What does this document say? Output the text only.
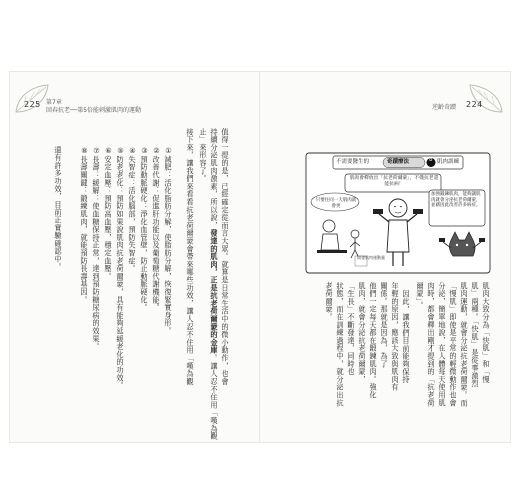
225 第7章
回春抗老──第5倍能刺激肌肉的運動	逆齡奇蹟 224
值得一提的是，已經確定從而言大眾。就算是日常生活中的微小動作，也會
持續分泌肌肉激素，所以說，發達的肌肉，正是抗老荷爾蒙的金庫。讓人忍不住用「嘆為觀
止」來形容了。
接下來，讓我們來看看抗老荷爾蒙會帶來哪些功效，讓人忍不住用「嘆為觀
①減肥：活化脂肪分解，使脂肪分解，恢復緊實身形。
②改善代謝：促進肝功能以及葡萄糖代謝機能。
③預防動脈硬化：淨化血管壁，防止動脈硬化。
④失智症：活化腦部，預防失智症。
⑤防老老化：預防如果說肌肉抗老荷爾蒙，具有能夠延緩老化的功效。
⑥安定血壓：預防高血壓，穩定血壓。
⑦長壽：緩解：使血糖保持正常，達到預防糖尿病的效果。
⑧長壽關鍵：鍛練肌肉，就能預防長壽基因。
還有許多功效，目前正實驗確認中。	不需要醫生的	奇蹟療法	8 肌肉訓練
肌肉會釋放出「抗老荷爾蒙」，不僅抗老還能抗病！
只要往同一大肌肉就會更
加強鍛鍊肌肉，能夠讓肌肉就會分泌抗老荷爾蒙，並藉因此改善許多病症。
開發肌肉運動量
肌肉大致分為「快肌」和「慢
肌」兩種。「快肌」是從事激烈
肌肉運動，就會分泌抗老荷爾蒙。而
「慢肌」即使是平常的輕微動作也會
分泌，簡單地說，在人體每天使用肌
肉時，都會釋出剛才提到的「抗老荷
爾蒙」。
因此，讓我們目前能夠保持
年輕的原因，應該大致與肌肉有
關係。那就是因為，為了
他們一定每天都在鍛鍊肌肉。強化
肌肉，就會分泌抗老荷爾蒙，
「生長」不斷發達，同時也
狀態，而在訓練過程中，就分泌出抗
老荷爾蒙。
